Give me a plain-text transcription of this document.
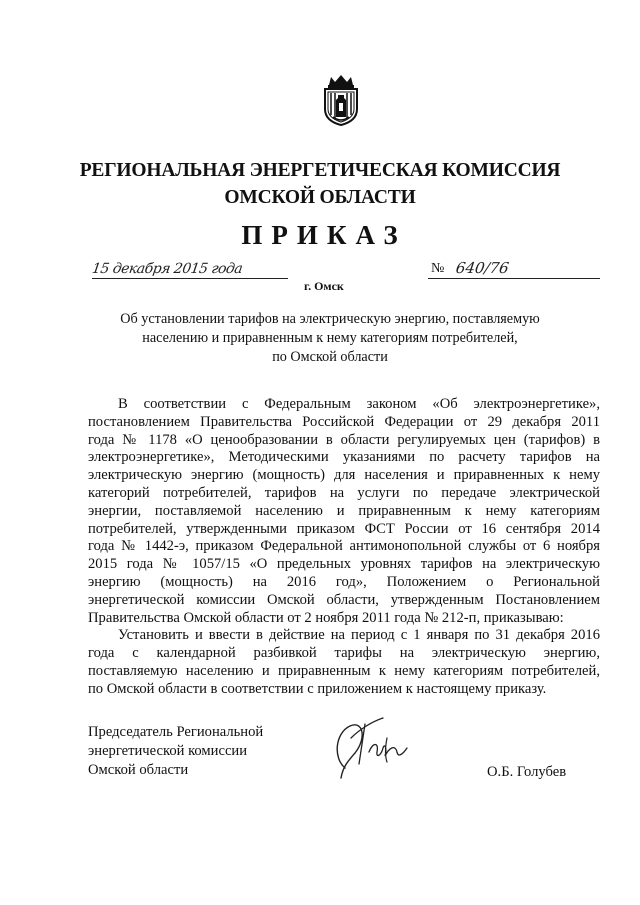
РЕГИОНАЛЬНАЯ ЭНЕРГЕТИЧЕСКАЯ КОМИССИЯ
ОМСКОЙ ОБЛАСТИ
ПРИКАЗ
15 декабря 2015 года
г. Омск
№ 640/76
Об установлении тарифов на электрическую энергию, поставляемую
населению и приравненным к нему категориям потребителей,
по Омской области
В соответствии с Федеральным законом «Об электроэнергетике»,
постановлением Правительства Российской Федерации от 29 декабря 2011
года № 1178 «О ценообразовании в области регулируемых цен (тарифов) в
электроэнергетике», Методическими указаниями по расчету тарифов на
электрическую энергию (мощность) для населения и приравненных к нему
категорий потребителей, тарифов на услуги по передаче электрической
энергии, поставляемой населению и приравненным к нему категориям
потребителей, утвержденными приказом ФСТ России от 16 сентября 2014
года № 1442-э, приказом Федеральной антимонопольной службы от 6 ноября
2015 года № 1057/15 «О предельных уровнях тарифов на электрическую
энергию (мощность) на 2016 год», Положением о Региональной
энергетической комиссии Омской области, утвержденным Постановлением
Правительства Омской области от 2 ноября 2011 года № 212-п, приказываю:
Установить и ввести в действие на период с 1 января по 31 декабря 2016
года с календарной разбивкой тарифы на электрическую энергию,
поставляемую населению и приравненным к нему категориям потребителей,
по Омской области в соответствии с приложением к настоящему приказу.
Председатель Региональной
энергетической комиссии
Омской области	О.Б. Голубев
